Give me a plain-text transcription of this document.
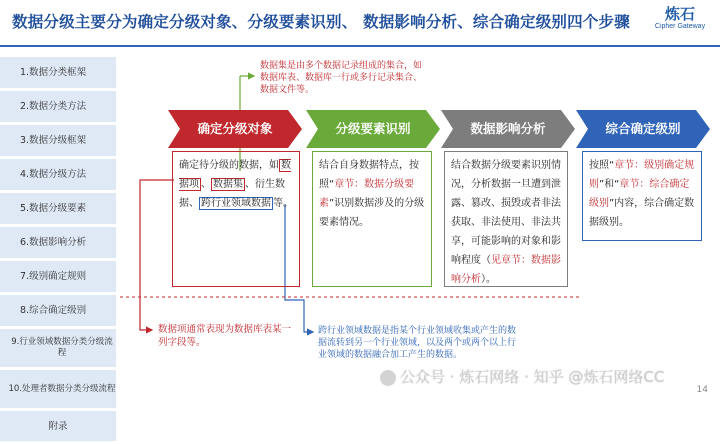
数据分级主要分为确定分级对象、分级要素识别、 数据影响分析、综合确定级别四个步骤	炼石
Cipher Gateway
1.数据分类框架
2.数据分类方法
3.数据分级框架
4.数据分级方法
5.数据分级要素
6.数据影响分析
7.级别确定规则
8.综合确定级别
9.行业领域数据分类分级流程
10.处理者数据分类分级流程
附录
确定分级对象	分级要素识别	数据影响分析	综合确定级别
确定待分级的数据，如 数据项 、 数据集 、衍生数据、 跨行业领域数据 等。
结合自身数据特点，按照“章节：数据分级要素”识别数据涉及的分级要素情况。
结合数据分级要素识别情况，分析数据一旦遭到泄露、篡改、损毁或者非法获取、非法使用、非法共享，可能影响的对象和影响程度（见章节：数据影响分析）。
按照“章节：级别确定规则”和“章节：综合确定级别”内容，综合确定数据级别。
数据集是由多个数据记录组成的集合，如数据库表、数据库一行或多行记录集合、数据文件等。
数据项通常表现为数据库表某一列字段等。
跨行业领域数据是指某个行业领域收集或产生的数据流转到另一个行业领域，以及两个或两个以上行业领域的数据融合加工产生的数据。
公众号 · 炼石网络 · 知乎 @炼石网络CC
14
